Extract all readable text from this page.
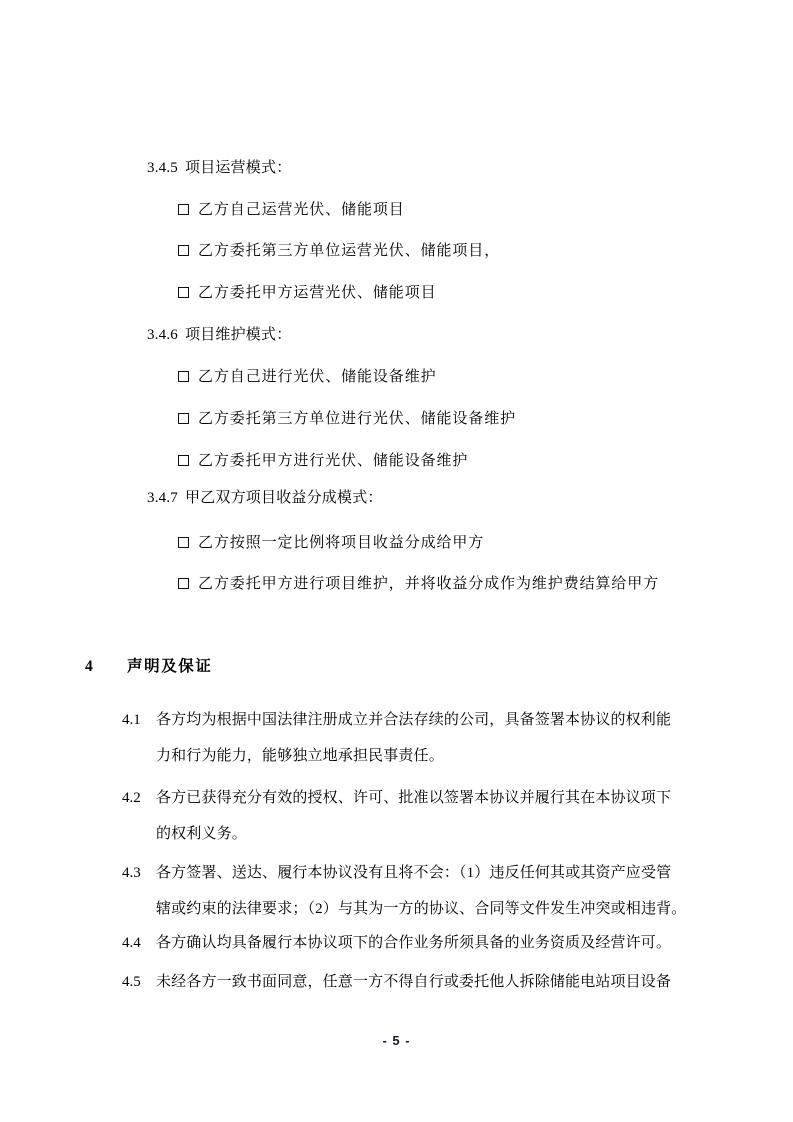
3.4.5 项目运营模式：
乙方自己运营光伏、储能项目
乙方委托第三方单位运营光伏、储能项目，
乙方委托甲方运营光伏、储能项目
3.4.6 项目维护模式：
乙方自己进行光伏、储能设备维护
乙方委托第三方单位进行光伏、储能设备维护
乙方委托甲方进行光伏、储能设备维护
3.4.7 甲乙双方项目收益分成模式：
乙方按照一定比例将项目收益分成给甲方
乙方委托甲方进行项目维护，并将收益分成作为维护费结算给甲方
4 声明及保证
4.1	各方均为根据中国法律注册成立并合法存续的公司，具备签署本协议的权利能
力和行为能力，能够独立地承担民事责任。
4.2	各方已获得充分有效的授权、许可、批准以签署本协议并履行其在本协议项下
的权利义务。
4.3	各方签署、送达、履行本协议没有且将不会：（1）违反任何其或其资产应受管
辖或约束的法律要求；（2）与其为一方的协议、合同等文件发生冲突或相违背。
4.4	各方确认均具备履行本协议项下的合作业务所须具备的业务资质及经营许可。
4.5	未经各方一致书面同意，任意一方不得自行或委托他人拆除储能电站项目设备
- 5 -
